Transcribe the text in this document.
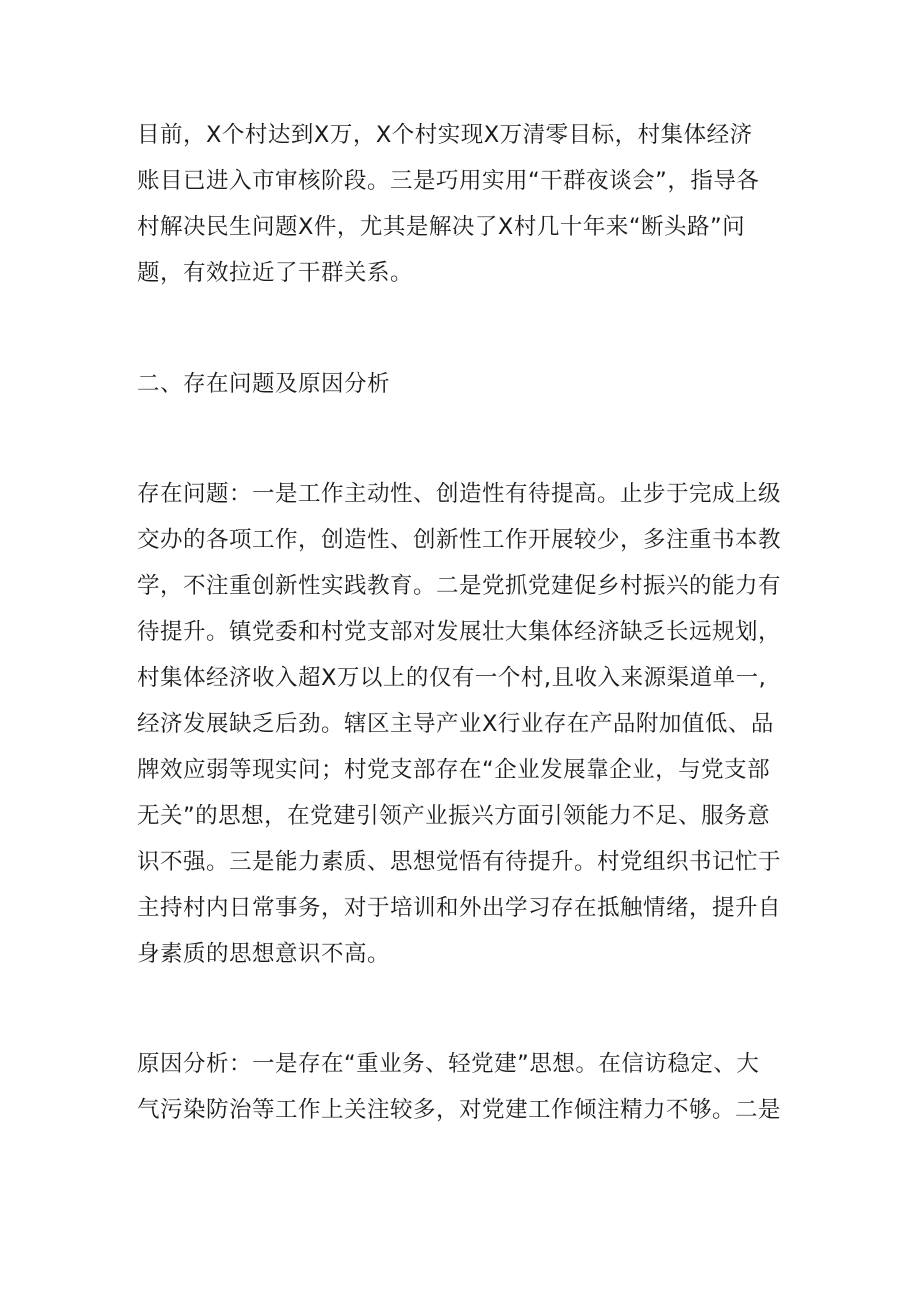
目前，X个村达到X万，X个村实现X万清零目标，村集体经济
账目已进入市审核阶段。三是巧用实用“干群夜谈会”，指导各
村解决民生问题X件，尤其是解决了X村几十年来“断头路”问
题，有效拉近了干群关系。
二、存在问题及原因分析
存在问题：一是工作主动性、创造性有待提高。止步于完成上级
交办的各项工作，创造性、创新性工作开展较少，多注重书本教
学，不注重创新性实践教育。二是党抓党建促乡村振兴的能力有
待提升。镇党委和村党支部对发展壮大集体经济缺乏长远规划，
村集体经济收入超X万以上的仅有一个村,且收入来源渠道单一,
经济发展缺乏后劲。辖区主导产业X行业存在产品附加值低、品
牌效应弱等现实问；村党支部存在“企业发展靠企业，与党支部
无关”的思想，在党建引领产业振兴方面引领能力不足、服务意
识不强。三是能力素质、思想觉悟有待提升。村党组织书记忙于
主持村内日常事务，对于培训和外出学习存在抵触情绪，提升自
身素质的思想意识不高。
原因分析：一是存在“重业务、轻党建”思想。在信访稳定、大
气污染防治等工作上关注较多，对党建工作倾注精力不够。二是
